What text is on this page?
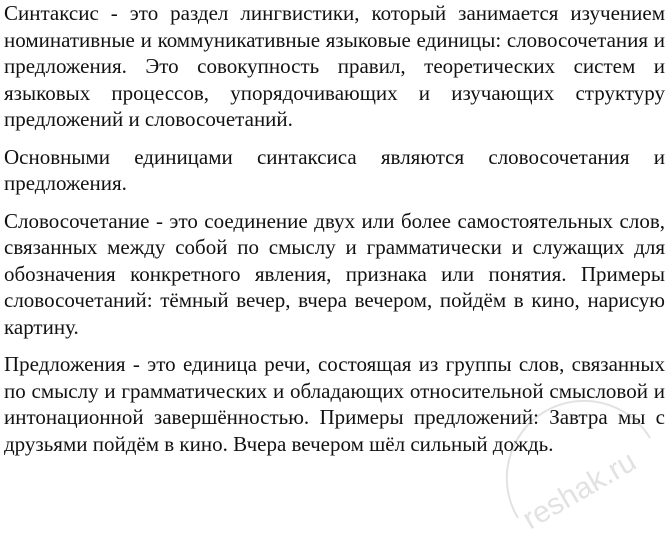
Синтаксис - это раздел лингвистики, который занимается изучением номинативные и коммуникативные языковые единицы: словосочетания и предложения. Это совокупность правил, теоретических систем и языковых процессов, упорядочивающих и изучающих структуру предложений и словосочетаний.

Основными единицами синтаксиса являются словосочетания и предложения.

Словосочетание - это соединение двух или более самостоятельных слов, связанных между собой по смыслу и грамматически и служащих для обозначения конкретного явления, признака или понятия. Примеры словосочетаний: тёмный вечер, вчера вечером, пойдём в кино, нарисую картину.

Предложения - это единица речи, состоящая из группы слов, связанных по смыслу и грамматических и обладающих относительной смысловой и интонационной завершённостью. Примеры предложений: Завтра мы с друзьями пойдём в кино. Вчера вечером шёл сильный дождь.

reshak.ru
